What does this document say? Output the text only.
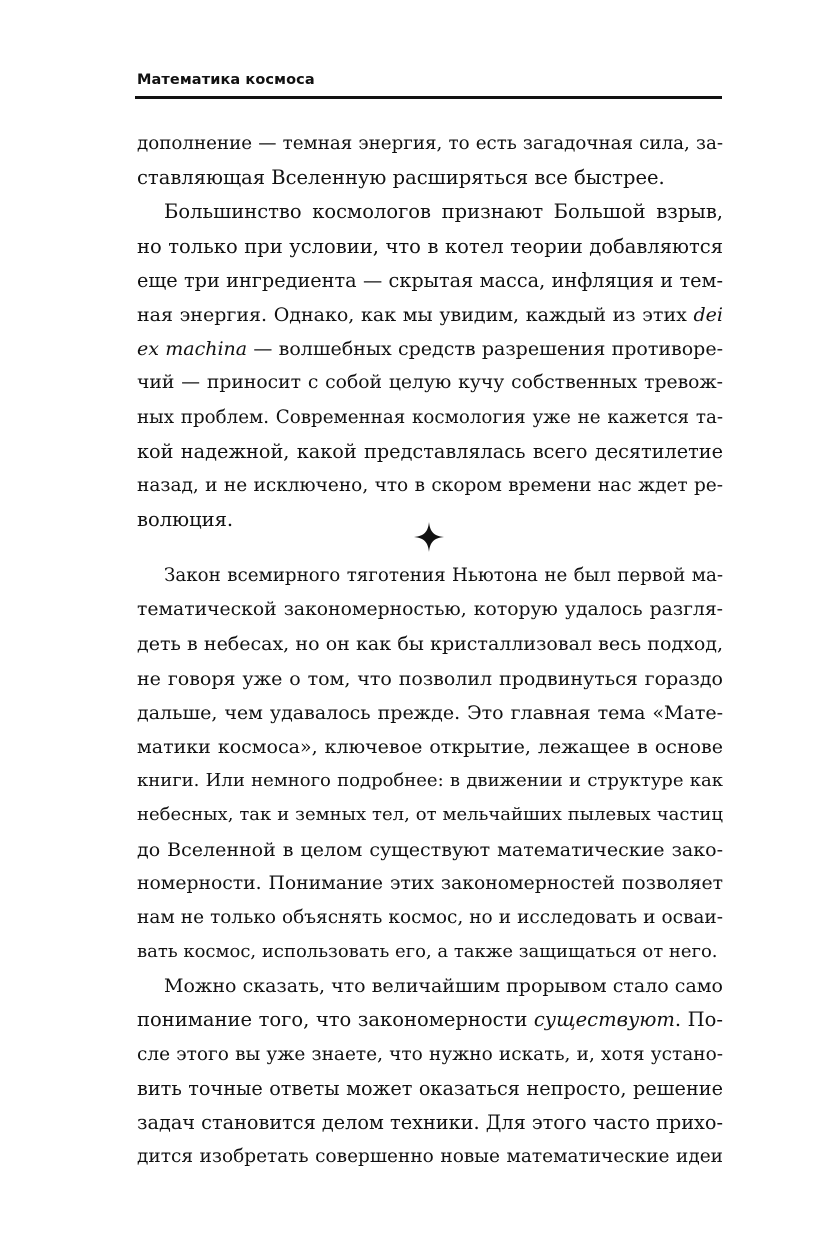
Математика космоса
дополнение — темная энергия, то есть загадочная сила, за-
ставляющая Вселенную расширяться все быстрее.
Большинство космологов признают Большой взрыв,
но только при условии, что в котел теории добавляются
еще три ингредиента — скрытая масса, инфляция и тем-
ная энергия. Однако, как мы увидим, каждый из этих dei
ex machina — волшебных средств разрешения противоре-
чий — приносит с собой целую кучу собственных тревож-
ных проблем. Современная космология уже не кажется та-
кой надежной, какой представлялась всего десятилетие
назад, и не исключено, что в скором времени нас ждет ре-
волюция.
Закон всемирного тяготения Ньютона не был первой ма-
тематической закономерностью, которую удалось разгля-
деть в небесах, но он как бы кристаллизовал весь подход,
не говоря уже о том, что позволил продвинуться гораздо
дальше, чем удавалось прежде. Это главная тема «Мате-
матики космоса», ключевое открытие, лежащее в основе
книги. Или немного подробнее: в движении и структуре как
небесных, так и земных тел, от мельчайших пылевых частиц
до Вселенной в целом существуют математические зако-
номерности. Понимание этих закономерностей позволяет
нам не только объяснять космос, но и исследовать и осваи-
вать космос, использовать его, а также защищаться от него.
Можно сказать, что величайшим прорывом стало само
понимание того, что закономерности существуют. По-
сле этого вы уже знаете, что нужно искать, и, хотя устано-
вить точные ответы может оказаться непросто, решение
задач становится делом техники. Для этого часто прихо-
дится изобретать совершенно новые математические идеи
